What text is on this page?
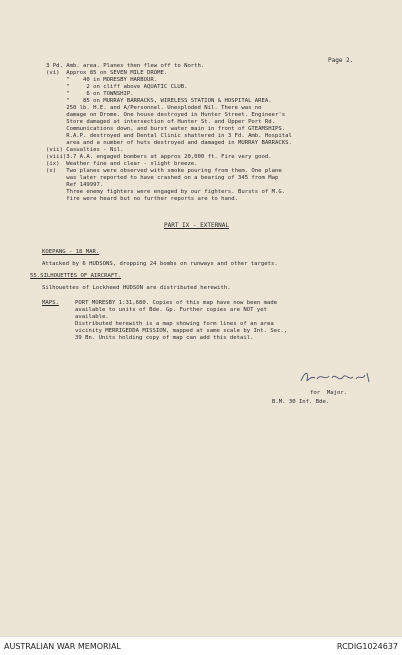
Page 2.
3 Pd. Amb. area. Planes then flew off to North.
(vi)  Approx 85 on SEVEN MILE DROME.
"    40 in MORESBY HARBOUR.
"     2 on cliff above AQUATIC CLUB.
"     6 on TOWNSHIP.
"    85 on MURRAY BARRACKS, WIRELESS STATION & HOSPITAL AREA.
250 lb. H.E. and A/Personnel. Unexploded Nil. There was no
damage on Drome. One house destroyed in Hunter Street. Engineer's
Store damaged at intersection of Hunter St. and Upper Port Rd.
Communications down, and burst water main in front of GTEAMSHIPS.
R.A.P. destroyed and Dental Clinic shattered in 3 Fd. Amb. Hospital
area and a number of huts destroyed and damaged in MURRAY BARRACKS.
(vii) Casualties - Nil.
(viii)3.7 A.A. engaged bombers at approx 20,000 ft. Fire very good.
(ix)  Weather fine and clear - slight breeze.
(x)   Two planes were observed with smoke pouring from them. One plane
was later reported to have crashed on a bearing of 345 from Map
Ref 149997.
Three enemy fighters were engaged by our fighters. Bursts of M.G.
fire were heard but no further reports are to hand.
PART IX - EXTERNAL
KOEPANG - 18 MAR.
Attacked by 6 HUDSONS, dropping 24 bombs on runways and other targets.
55.SILHOUETTES OF AIRCRAFT.
Silhouettes of Lockheed HUDSON are distributed herewith.
MAPS.	PORT MORESBY 1:31,680. Copies of this map have now been made
available to units of Bde. Gp. Further copies are NOT yet
available.
Distributed herewith is a map showing form lines of an area
vicinity MERRIGEDDA MISSION, mapped at same scale by Int. Sec.,
39 Bn. Units holding copy of map can add this detail.
for  Major.
B.M. 30 Inf. Bde.
AUSTRALIAN WAR MEMORIAL	RCDIG1024637
